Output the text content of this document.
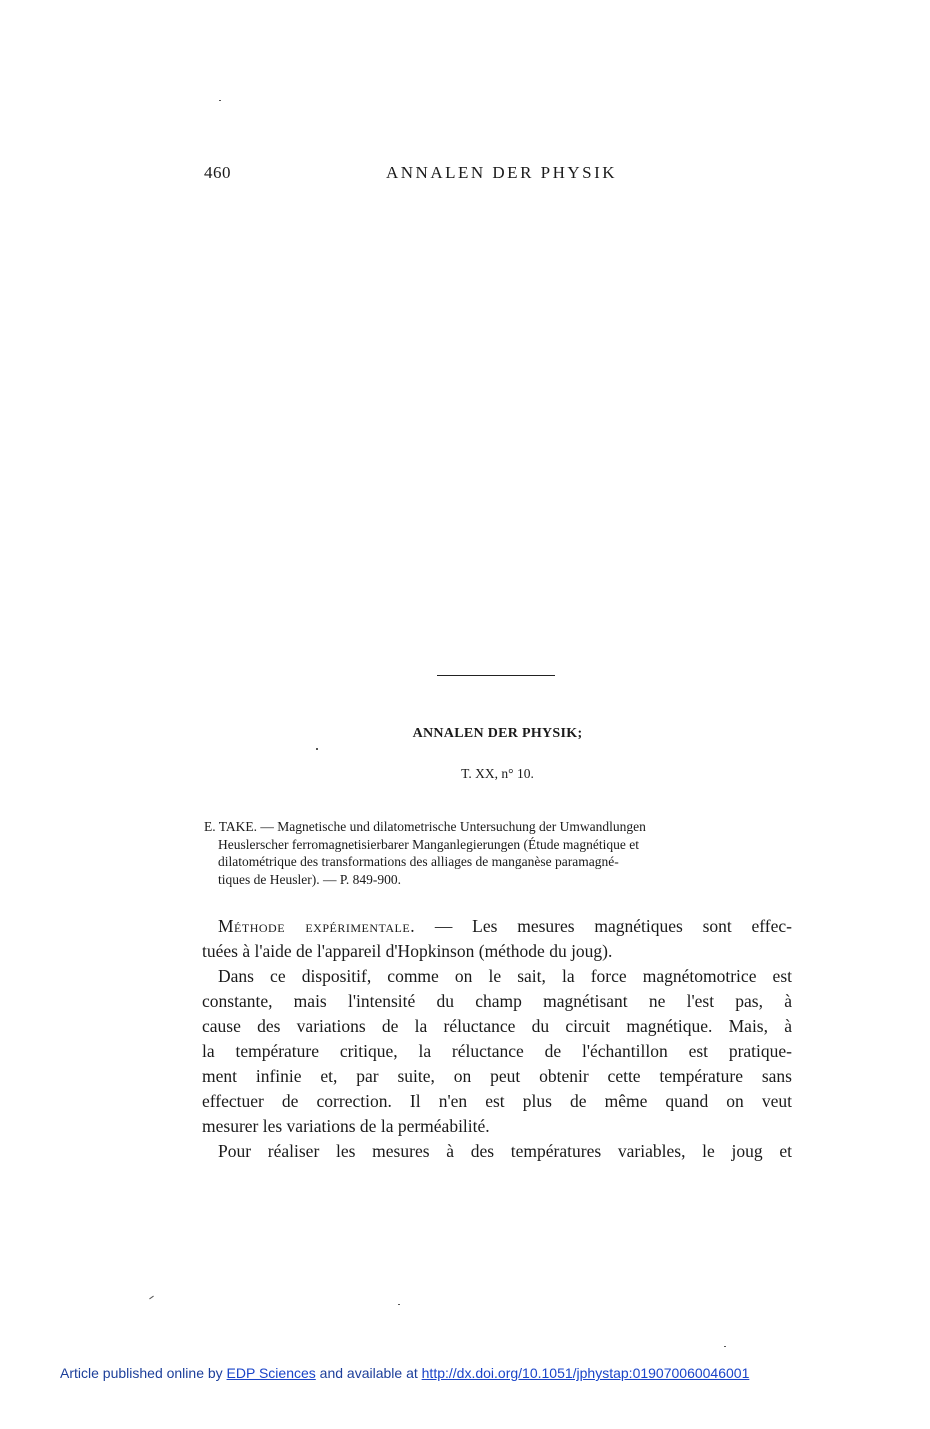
460	ANNALEN DER PHYSIK
ANNALEN DER PHYSIK;
T. XX, n° 10.
E. TAKE. — Magnetische und dilatometrische Untersuchung der Umwandlungen
Heuslerscher ferromagnetisierbarer Manganlegierungen (Étude magnétique et
dilatométrique des transformations des alliages de manganèse paramagné-
tiques de Heusler). — P. 849-900.
Méthode expérimentale. — Les mesures magnétiques sont effec-
tuées à l'aide de l'appareil d'Hopkinson (méthode du joug).
Dans ce dispositif, comme on le sait, la force magnétomotrice est
constante, mais l'intensité du champ magnétisant ne l'est pas, à
cause des variations de la réluctance du circuit magnétique. Mais, à
la température critique, la réluctance de l'échantillon est pratique-
ment infinie et, par suite, on peut obtenir cette température sans
effectuer de correction. Il n'en est plus de même quand on veut
mesurer les variations de la perméabilité.
Pour réaliser les mesures à des températures variables, le joug et
Article published online by EDP Sciences and available at http://dx.doi.org/10.1051/jphystap:019070060046001
